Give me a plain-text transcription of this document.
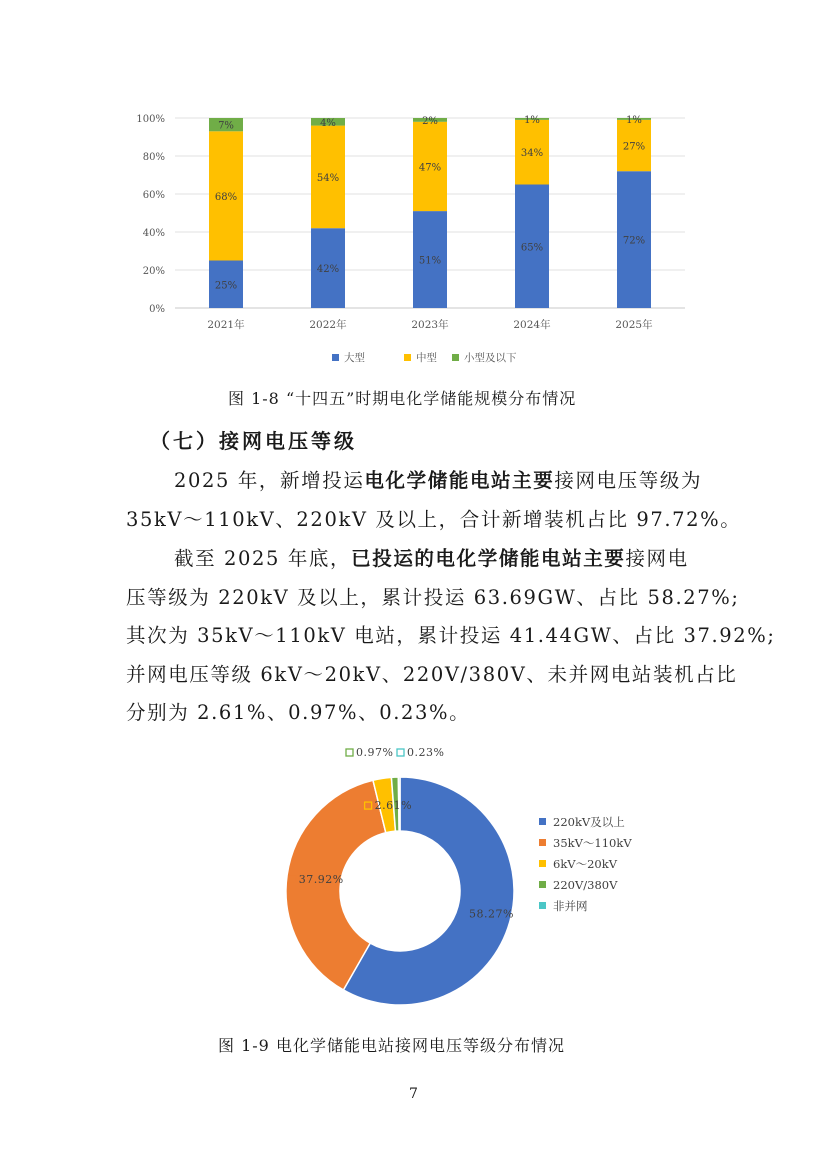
0%
20%
40%
60%
80%
100%
25%
68%
7%
42%
54%
4%
51%
47%
2%
65%
34%
1%
72%
27%
1%
2021年	2022年	2023年	2024年	2025年
大型	中型	小型及以下
图 1-8 “十四五”时期电化学储能规模分布情况
（七）接网电压等级
2025 年，新增投运电化学储能电站主要接网电压等级为
35kV～110kV、220kV 及以上，合计新增装机占比 97.72%。
截至 2025 年底，已投运的电化学储能电站主要接网电
压等级为 220kV 及以上，累计投运 63.69GW、占比 58.27%;
其次为 35kV～110kV 电站，累计投运 41.44GW、占比 37.92%;
并网电压等级 6kV～20kV、220V/380V、未并网电站装机占比
分别为 2.61%、0.97%、0.23%。
58.27%
37.92%
2.61%
0.97% 0.23%
220kV及以上
35kV～110kV
6kV～20kV
220V/380V
非并网
图 1-9 电化学储能电站接网电压等级分布情况
7
